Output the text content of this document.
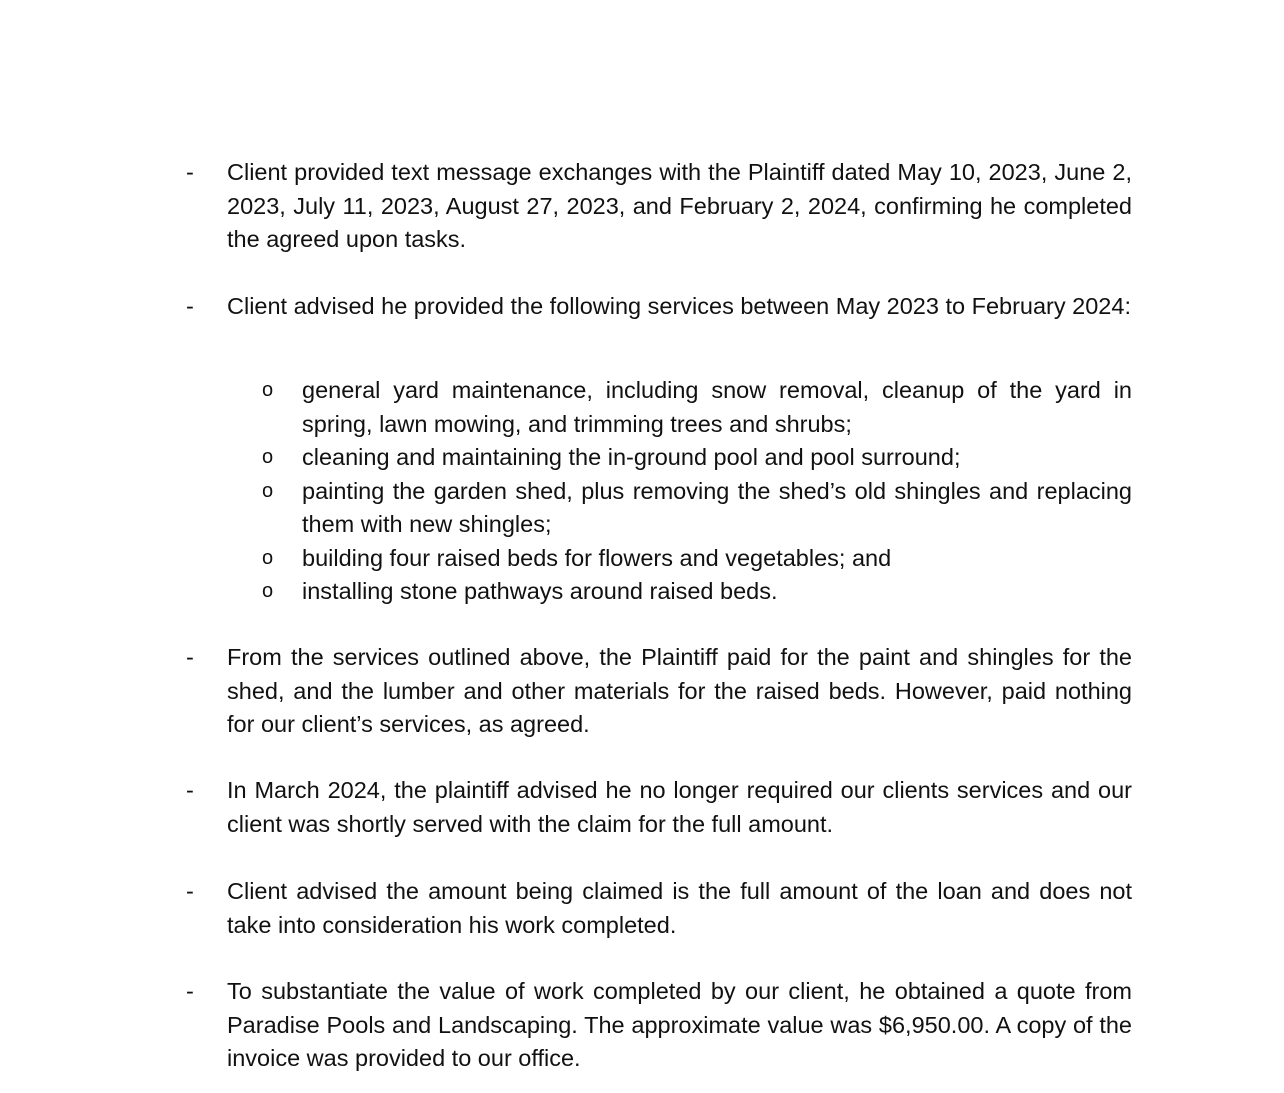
-	Client provided text message exchanges with the Plaintiff dated May 10, 2023, June 2, 2023, July 11, 2023, August 27, 2023, and February 2, 2024, confirming he completed the agreed upon tasks.
-	Client advised he provided the following services between May 2023 to February 2024:
o	general yard maintenance, including snow removal, cleanup of the yard in spring, lawn mowing, and trimming trees and shrubs;
o	cleaning and maintaining the in-ground pool and pool surround;
o	painting the garden shed, plus removing the shed’s old shingles and replacing them with new shingles;
o	building four raised beds for flowers and vegetables; and
o	installing stone pathways around raised beds.
-	From the services outlined above, the Plaintiff paid for the paint and shingles for the shed, and the lumber and other materials for the raised beds. However, paid nothing for our client’s services, as agreed.
-	In March 2024, the plaintiff advised he no longer required our clients services and our client was shortly served with the claim for the full amount.
-	Client advised the amount being claimed is the full amount of the loan and does not take into consideration his work completed.
-	To substantiate the value of work completed by our client, he obtained a quote from Paradise Pools and Landscaping. The approximate value was $6,950.00. A copy of the invoice was provided to our office.
